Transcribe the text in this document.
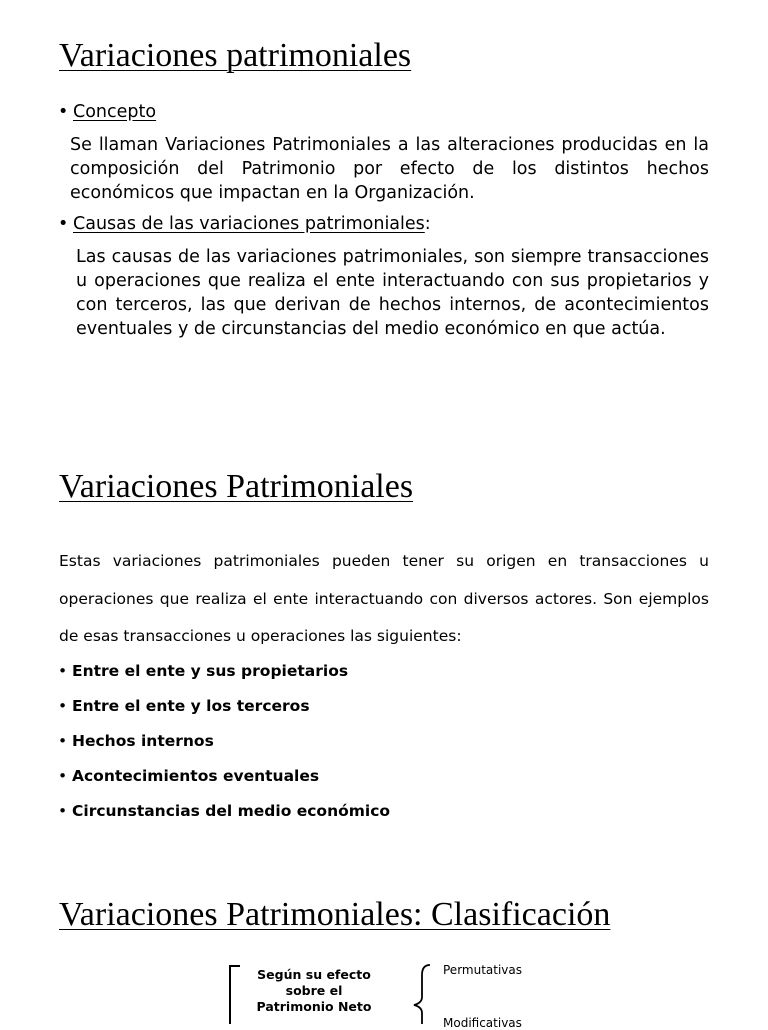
Variaciones patrimoniales
• Concepto

Se llaman Variaciones Patrimoniales a las alteraciones producidas en la composición del Patrimonio por efecto de los distintos hechos económicos que impactan en la Organización.

• Causas de las variaciones patrimoniales:

Las causas de las variaciones patrimoniales, son siempre transacciones u operaciones que realiza el ente interactuando con sus propietarios y con terceros, las que derivan de hechos internos, de acontecimientos eventuales y de circunstancias del medio económico en que actúa.

Variaciones Patrimoniales

Estas variaciones patrimoniales pueden tener su origen en transacciones u operaciones que realiza el ente interactuando con diversos actores. Son ejemplos de esas transacciones u operaciones las siguientes:

• Entre el ente y sus propietarios
• Entre el ente y los terceros
• Hechos internos
• Acontecimientos eventuales
• Circunstancias del medio económico
Variaciones Patrimoniales: Clasificación
Según su efecto sobre el Patrimonio Neto
Permutativas
Modificativas
